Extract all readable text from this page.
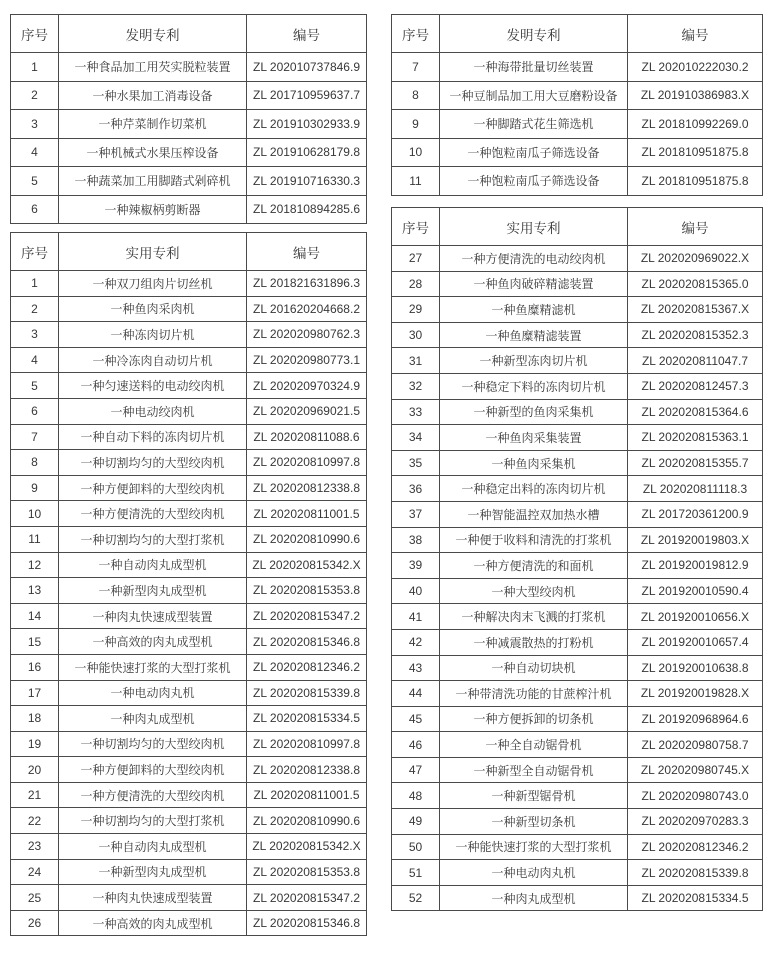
序号	发明专利	编号
1	一种食品加工用芡实脱粒装置	ZL 202010737846.9
2	一种水果加工消毒设备	ZL 201710959637.7
3	一种芹菜制作切菜机	ZL 201910302933.9
4	一种机械式水果压榨设备	ZL 201910628179.8
5	一种蔬菜加工用脚踏式剁碎机	ZL 201910716330.3
6	一种辣椒柄剪断器	ZL 201810894285.6
序号	发明专利	编号
7	一种海带批量切丝装置	ZL 202010222030.2
8	一种豆制品加工用大豆磨粉设备	ZL 201910386983.X
9	一种脚踏式花生筛选机	ZL 201810992269.0
10	一种饱粒南瓜子筛选设备	ZL 201810951875.8
11	一种饱粒南瓜子筛选设备	ZL 201810951875.8
序号	实用专利	编号
1	一种双刀组肉片切丝机	ZL 201821631896.3
2	一种鱼肉采肉机	ZL 201620204668.2
3	一种冻肉切片机	ZL 202020980762.3
4	一种冷冻肉自动切片机	ZL 202020980773.1
5	一种匀速送料的电动绞肉机	ZL 202020970324.9
6	一种电动绞肉机	ZL 202020969021.5
7	一种自动下料的冻肉切片机	ZL 202020811088.6
8	一种切割均匀的大型绞肉机	ZL 202020810997.8
9	一种方便卸料的大型绞肉机	ZL 202020812338.8
10	一种方便清洗的大型绞肉机	ZL 202020811001.5
11	一种切割均匀的大型打浆机	ZL 202020810990.6
12	一种自动肉丸成型机	ZL 202020815342.X
13	一种新型肉丸成型机	ZL 202020815353.8
14	一种肉丸快速成型装置	ZL 202020815347.2
15	一种高效的肉丸成型机	ZL 202020815346.8
16	一种能快速打浆的大型打浆机	ZL 202020812346.2
17	一种电动肉丸机	ZL 202020815339.8
18	一种肉丸成型机	ZL 202020815334.5
19	一种切割均匀的大型绞肉机	ZL 202020810997.8
20	一种方便卸料的大型绞肉机	ZL 202020812338.8
21	一种方便清洗的大型绞肉机	ZL 202020811001.5
22	一种切割均匀的大型打浆机	ZL 202020810990.6
23	一种自动肉丸成型机	ZL 202020815342.X
24	一种新型肉丸成型机	ZL 202020815353.8
25	一种肉丸快速成型装置	ZL 202020815347.2
26	一种高效的肉丸成型机	ZL 202020815346.8
序号	实用专利	编号
27	一种方便清洗的电动绞肉机	ZL 202020969022.X
28	一种鱼肉破碎精滤装置	ZL 202020815365.0
29	一种鱼糜精滤机	ZL 202020815367.X
30	一种鱼糜精滤装置	ZL 202020815352.3
31	一种新型冻肉切片机	ZL 202020811047.7
32	一种稳定下料的冻肉切片机	ZL 202020812457.3
33	一种新型的鱼肉采集机	ZL 202020815364.6
34	一种鱼肉采集装置	ZL 202020815363.1
35	一种鱼肉采集机	ZL 202020815355.7
36	一种稳定出料的冻肉切片机	ZL 202020811118.3
37	一种智能温控双加热水槽	ZL 201720361200.9
38	一种便于收料和清洗的打浆机	ZL 201920019803.X
39	一种方便清洗的和面机	ZL 201920019812.9
40	一种大型绞肉机	ZL 201920010590.4
41	一种解决肉末飞溅的打浆机	ZL 201920010656.X
42	一种减震散热的打粉机	ZL 201920010657.4
43	一种自动切块机	ZL 201920010638.8
44	一种带清洗功能的甘蔗榨汁机	ZL 201920019828.X
45	一种方便拆卸的切条机	ZL 201920968964.6
46	一种全自动锯骨机	ZL 202020980758.7
47	一种新型全自动锯骨机	ZL 202020980745.X
48	一种新型锯骨机	ZL 202020980743.0
49	一种新型切条机	ZL 202020970283.3
50	一种能快速打浆的大型打浆机	ZL 202020812346.2
51	一种电动肉丸机	ZL 202020815339.8
52	一种肉丸成型机	ZL 202020815334.5
